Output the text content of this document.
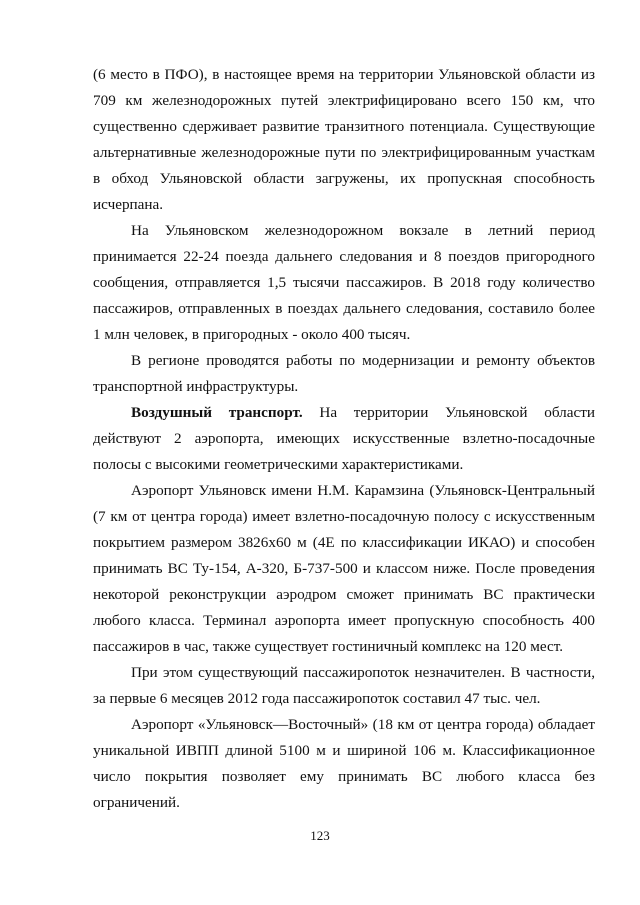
(6 место в ПФО), в настоящее время на территории Ульяновской области из 709 км железнодорожных путей электрифицировано всего 150 км, что существенно сдерживает развитие транзитного потенциала. Существующие альтернативные железнодорожные пути по электрифицированным участкам в обход Ульяновской области загружены, их пропускная способность исчерпана.

На Ульяновском железнодорожном вокзале в летний период принимается 22-24 поезда дальнего следования и 8 поездов пригородного сообщения, отправляется 1,5 тысячи пассажиров. В 2018 году количество пассажиров, отправленных в поездах дальнего следования, составило более 1 млн человек, в пригородных - около 400 тысяч.

В регионе проводятся работы по модернизации и ремонту объектов транспортной инфраструктуры.

Воздушный транспорт. На территории Ульяновской области действуют 2 аэропорта, имеющих искусственные взлетно-посадочные полосы с высокими геометрическими характеристиками.

Аэропорт Ульяновск имени Н.М. Карамзина (Ульяновск-Центральный (7 км от центра города) имеет взлетно-посадочную полосу с искусственным покрытием размером 3826х60 м (4Е по классификации ИКАО) и способен принимать ВС Ту-154, А-320, Б-737-500 и классом ниже. После проведения некоторой реконструкции аэродром сможет принимать ВС практически любого класса. Терминал аэропорта имеет пропускную способность 400 пассажиров в час, также существует гостиничный комплекс на 120 мест.

При этом существующий пассажиропоток незначителен. В частности, за первые 6 месяцев 2012 года пассажиропоток составил 47 тыс. чел.

Аэропорт «Ульяновск—Восточный» (18 км от центра города) обладает уникальной ИВПП длиной 5100 м и шириной 106 м. Классификационное число покрытия позволяет ему принимать ВС любого класса без ограничений.

123
